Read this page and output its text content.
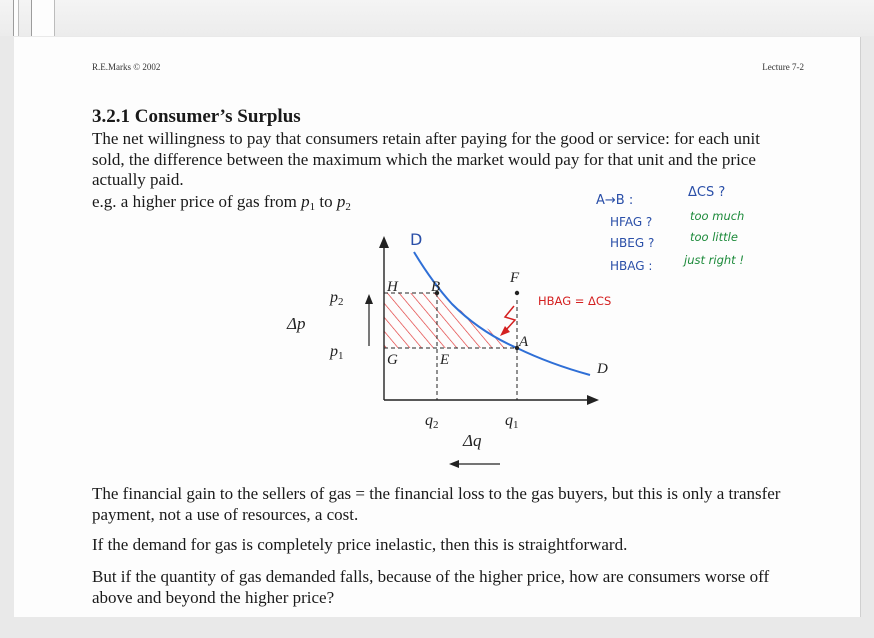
R.E.Marks © 2002	Lecture 7-2
3.2.1 Consumer’s Surplus
The net willingness to pay that consumers retain after paying for the good or service: for each unit sold, the difference between the maximum which the market would pay for that unit and the price actually paid.
e.g. a higher price of gas from $p_1$ to $p_2$
H B
F
A
G	E
D
p2
p1
Δp
q2	q1
Δq
D
HBAG = ΔCS
A→B :
ΔCS ?
HFAG ?	too much
HBEG ?	too little
HBAG :	just right !
The financial gain to the sellers of gas = the financial loss to the gas buyers, but this is only a transfer payment, not a use of resources, a cost.
If the demand for gas is completely price inelastic, then this is straightforward.
But if the quantity of gas demanded falls, because of the higher price, how are consumers worse off above and beyond the higher price?
